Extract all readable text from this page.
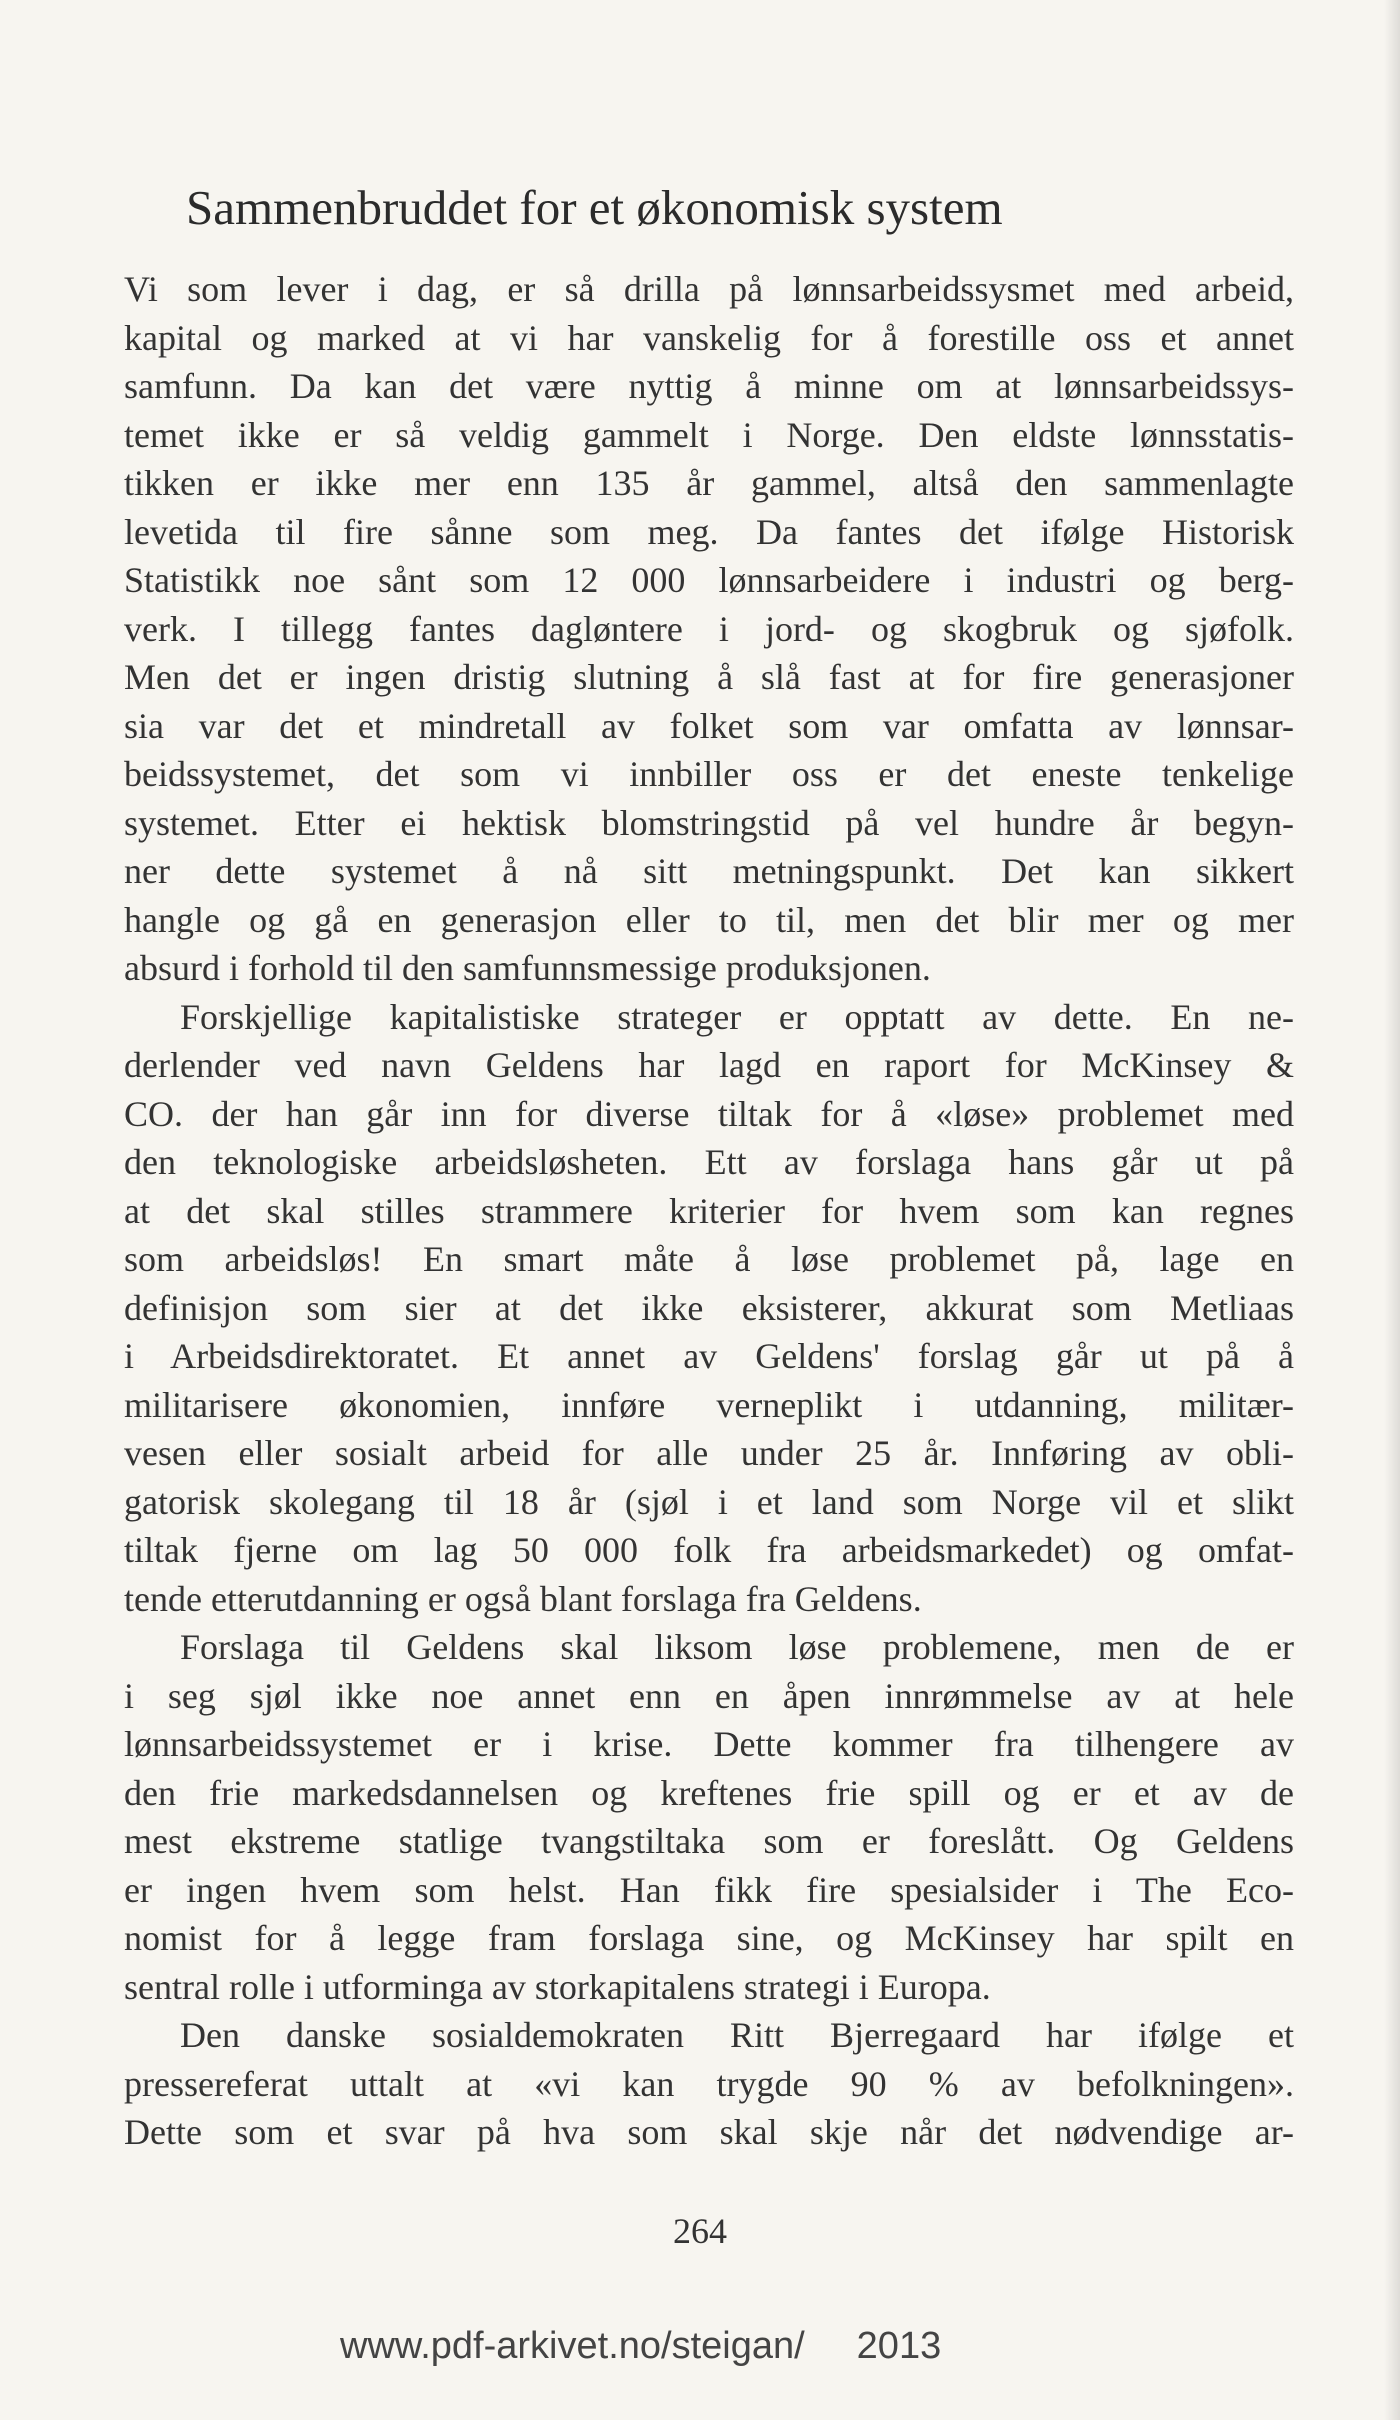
Sammenbruddet for et økonomisk system
Vi som lever i dag, er så drilla på lønnsarbeidssysmet med arbeid,
kapital og marked at vi har vanskelig for å forestille oss et annet
samfunn. Da kan det være nyttig å minne om at lønnsarbeidssys-
temet ikke er så veldig gammelt i Norge. Den eldste lønnsstatis-
tikken er ikke mer enn 135 år gammel, altså den sammenlagte
levetida til fire sånne som meg. Da fantes det ifølge Historisk
Statistikk noe sånt som 12 000 lønnsarbeidere i industri og berg-
verk. I tillegg fantes dagløntere i jord- og skogbruk og sjøfolk.
Men det er ingen dristig slutning å slå fast at for fire generasjoner
sia var det et mindretall av folket som var omfatta av lønnsar-
beidssystemet, det som vi innbiller oss er det eneste tenkelige
systemet. Etter ei hektisk blomstringstid på vel hundre år begyn-
ner dette systemet å nå sitt metningspunkt. Det kan sikkert
hangle og gå en generasjon eller to til, men det blir mer og mer
absurd i forhold til den samfunnsmessige produksjonen.
Forskjellige kapitalistiske strateger er opptatt av dette. En ne-
derlender ved navn Geldens har lagd en raport for McKinsey &
CO. der han går inn for diverse tiltak for å «løse» problemet med
den teknologiske arbeidsløsheten. Ett av forslaga hans går ut på
at det skal stilles strammere kriterier for hvem som kan regnes
som arbeidsløs! En smart måte å løse problemet på, lage en
definisjon som sier at det ikke eksisterer, akkurat som Metliaas
i Arbeidsdirektoratet. Et annet av Geldens' forslag går ut på å
militarisere økonomien, innføre verneplikt i utdanning, militær-
vesen eller sosialt arbeid for alle under 25 år. Innføring av obli-
gatorisk skolegang til 18 år (sjøl i et land som Norge vil et slikt
tiltak fjerne om lag 50 000 folk fra arbeidsmarkedet) og omfat-
tende etterutdanning er også blant forslaga fra Geldens.
Forslaga til Geldens skal liksom løse problemene, men de er
i seg sjøl ikke noe annet enn en åpen innrømmelse av at hele
lønnsarbeidssystemet er i krise. Dette kommer fra tilhengere av
den frie markedsdannelsen og kreftenes frie spill og er et av de
mest ekstreme statlige tvangstiltaka som er foreslått. Og Geldens
er ingen hvem som helst. Han fikk fire spesialsider i The Eco-
nomist for å legge fram forslaga sine, og McKinsey har spilt en
sentral rolle i utforminga av storkapitalens strategi i Europa.
Den danske sosialdemokraten Ritt Bjerregaard har ifølge et
pressereferat uttalt at «vi kan trygde 90 % av befolkningen».
Dette som et svar på hva som skal skje når det nødvendige ar-
264
www.pdf-arkivet.no/steigan/ 2013
